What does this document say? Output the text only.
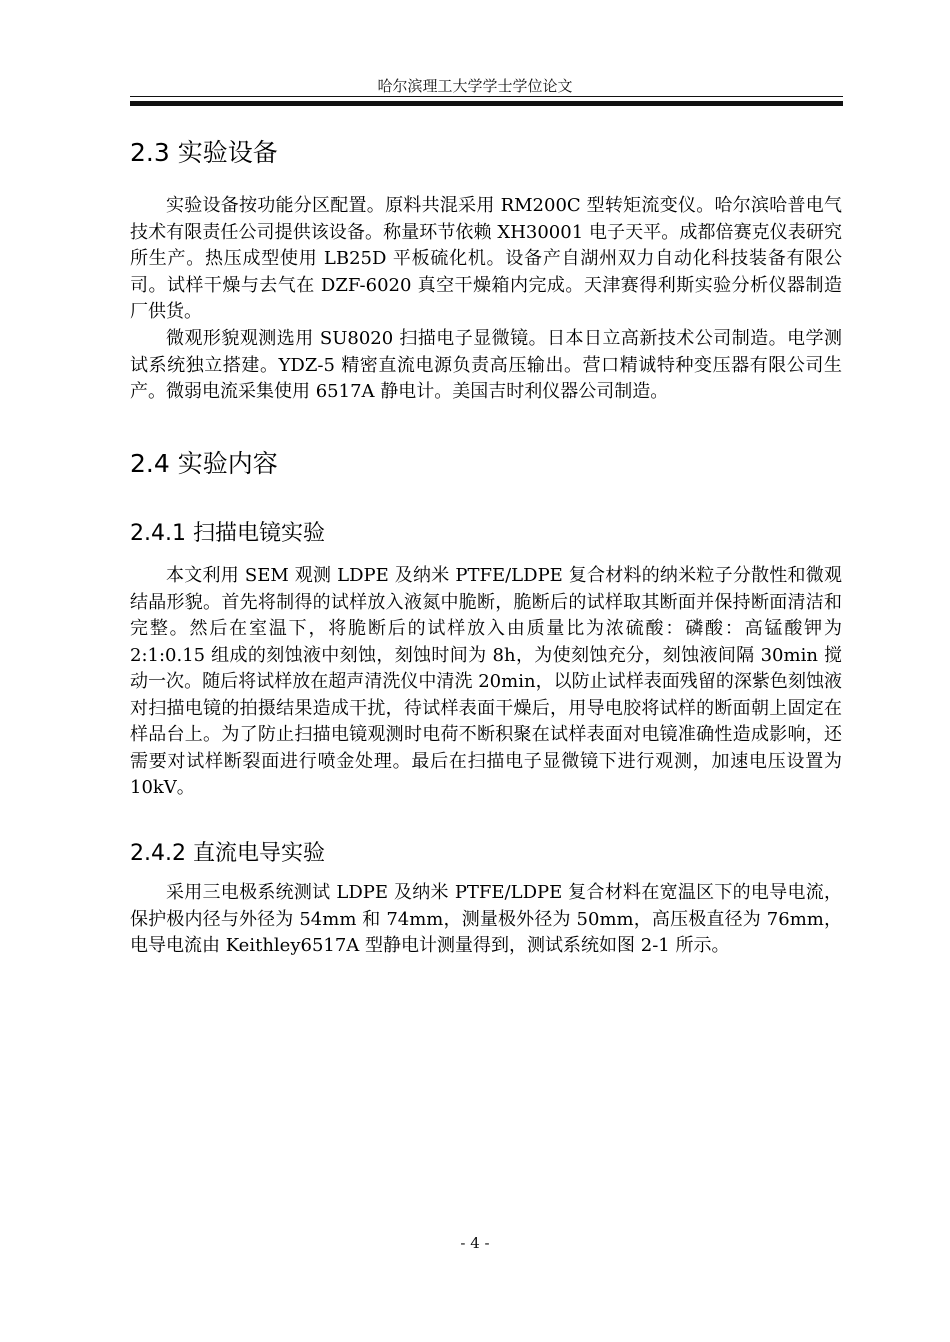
哈尔滨理工大学学士学位论文
2.3 实验设备

实验设备按功能分区配置。原料共混采用 RM200C 型转矩流变仪。哈尔滨哈普电气技术有限责任公司提供该设备。称量环节依赖 XH30001 电子天平。成都倍赛克仪表研究所生产。热压成型使用 LB25D 平板硫化机。设备产自湖州双力自动化科技装备有限公司。试样干燥与去气在 DZF-6020 真空干燥箱内完成。天津赛得利斯实验分析仪器制造厂供货。

微观形貌观测选用 SU8020 扫描电子显微镜。日本日立高新技术公司制造。电学测试系统独立搭建。YDZ-5 精密直流电源负责高压输出。营口精诚特种变压器有限公司生产。微弱电流采集使用 6517A 静电计。美国吉时利仪器公司制造。

2.4 实验内容
2.4.1 扫描电镜实验

本文利用 SEM 观测 LDPE 及纳米 PTFE/LDPE 复合材料的纳米粒子分散性和微观结晶形貌。首先将制得的试样放入液氮中脆断，脆断后的试样取其断面并保持断面清洁和完整。然后在室温下，将脆断后的试样放入由质量比为浓硫酸：磷酸：高锰酸钾为 2:1:0.15 组成的刻蚀液中刻蚀，刻蚀时间为 8h，为使刻蚀充分，刻蚀液间隔 30min 搅动一次。随后将试样放在超声清洗仪中清洗 20min，以防止试样表面残留的深紫色刻蚀液对扫描电镜的拍摄结果造成干扰，待试样表面干燥后，用导电胶将试样的断面朝上固定在样品台上。为了防止扫描电镜观测时电荷不断积聚在试样表面对电镜准确性造成影响，还需要对试样断裂面进行喷金处理。最后在扫描电子显微镜下进行观测，加速电压设置为 10kV。

2.4.2 直流电导实验

采用三电极系统测试 LDPE 及纳米 PTFE/LDPE 复合材料在宽温区下的电导电流，保护极内径与外径为 54mm 和 74mm，测量极外径为 50mm，高压极直径为 76mm，电导电流由 Keithley6517A 型静电计测量得到，测试系统如图 2-1 所示。

- 4 -
